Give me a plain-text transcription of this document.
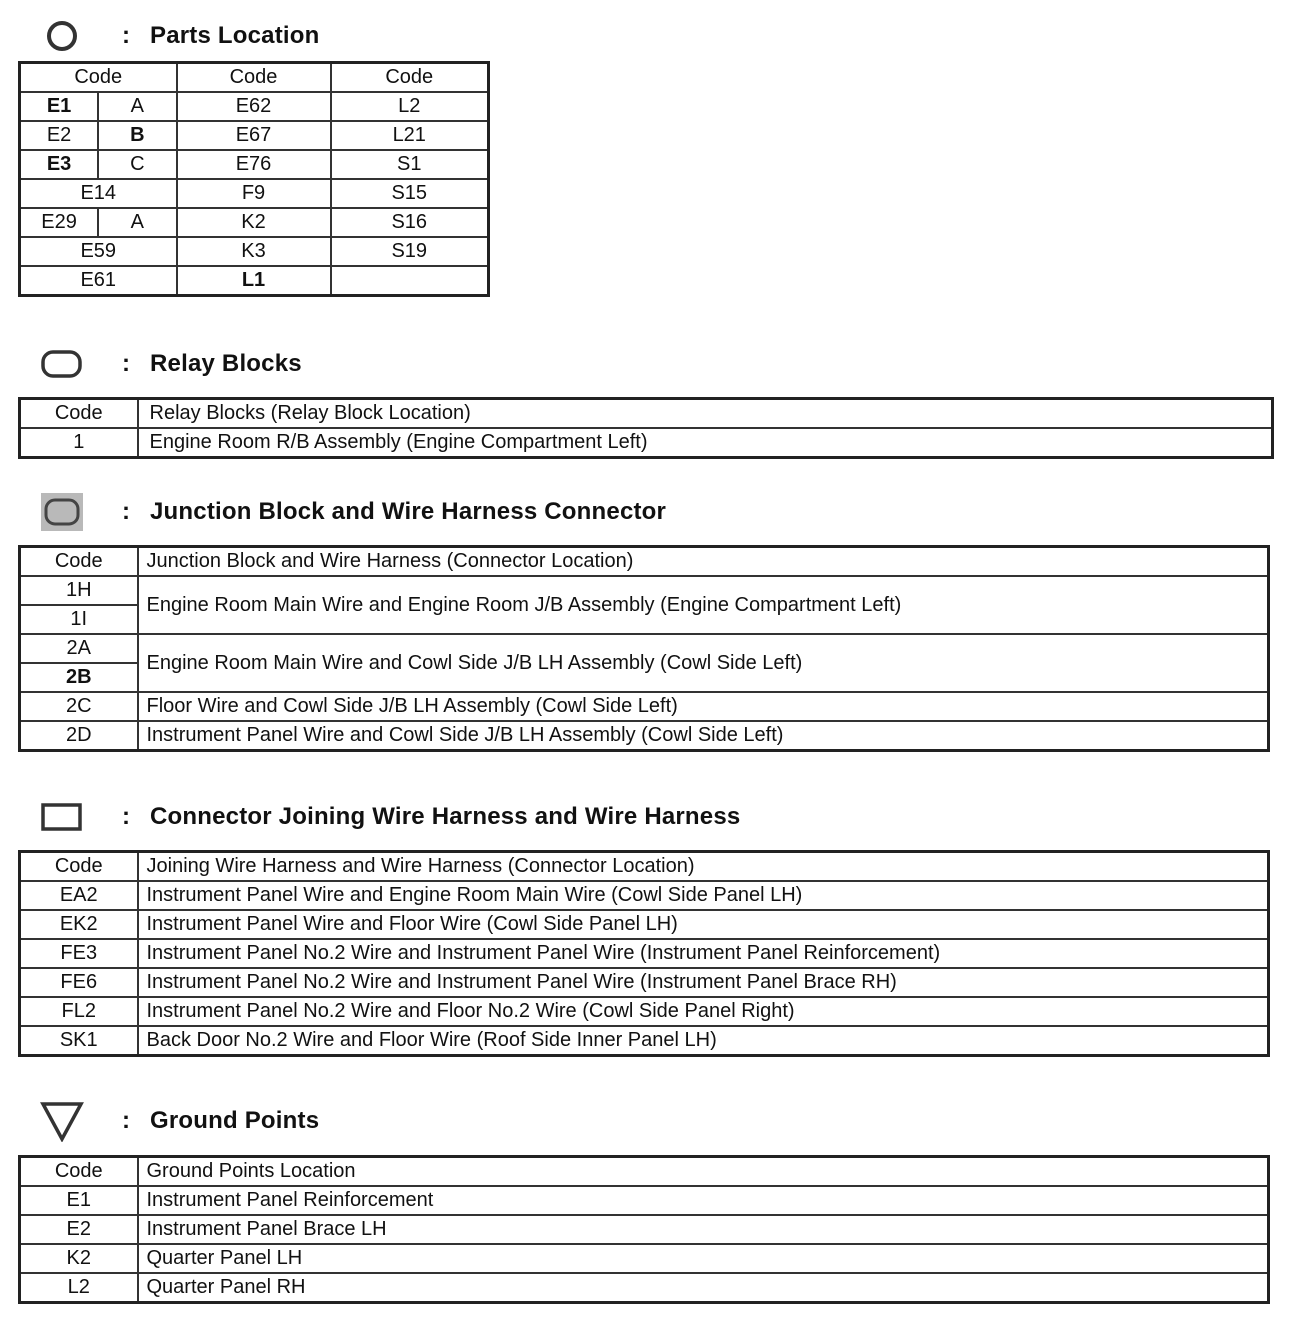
: Parts Location
Code		Code	Code
E1	A	E62	L2
E2	B	E67	L21
E3	C	E76	S1
E14		F9	S15
E29	A	K2	S16
E59		K3	S19
E61		L1	
: Relay Blocks
Code	Relay Blocks (Relay Block Location)
1	Engine Room R/B Assembly (Engine Compartment Left)
: Junction Block and Wire Harness Connector
Code	Junction Block and Wire Harness (Connector Location)
1H	Engine Room Main Wire and Engine Room J/B Assembly (Engine Compartment Left)
1I	
2A	Engine Room Main Wire and Cowl Side J/B LH Assembly (Cowl Side Left)
2B	
2C	Floor Wire and Cowl Side J/B LH Assembly (Cowl Side Left)
2D	Instrument Panel Wire and Cowl Side J/B LH Assembly (Cowl Side Left)
: Connector Joining Wire Harness and Wire Harness
Code	Joining Wire Harness and Wire Harness (Connector Location)
EA2	Instrument Panel Wire and Engine Room Main Wire (Cowl Side Panel LH)
EK2	Instrument Panel Wire and Floor Wire (Cowl Side Panel LH)
FE3	Instrument Panel No.2 Wire and Instrument Panel Wire (Instrument Panel Reinforcement)
FE6	Instrument Panel No.2 Wire and Instrument Panel Wire (Instrument Panel Brace RH)
FL2	Instrument Panel No.2 Wire and Floor No.2 Wire (Cowl Side Panel Right)
SK1	Back Door No.2 Wire and Floor Wire (Roof Side Inner Panel LH)
: Ground Points
Code	Ground Points Location
E1	Instrument Panel Reinforcement
E2	Instrument Panel Brace LH
K2	Quarter Panel LH
L2	Quarter Panel RH
